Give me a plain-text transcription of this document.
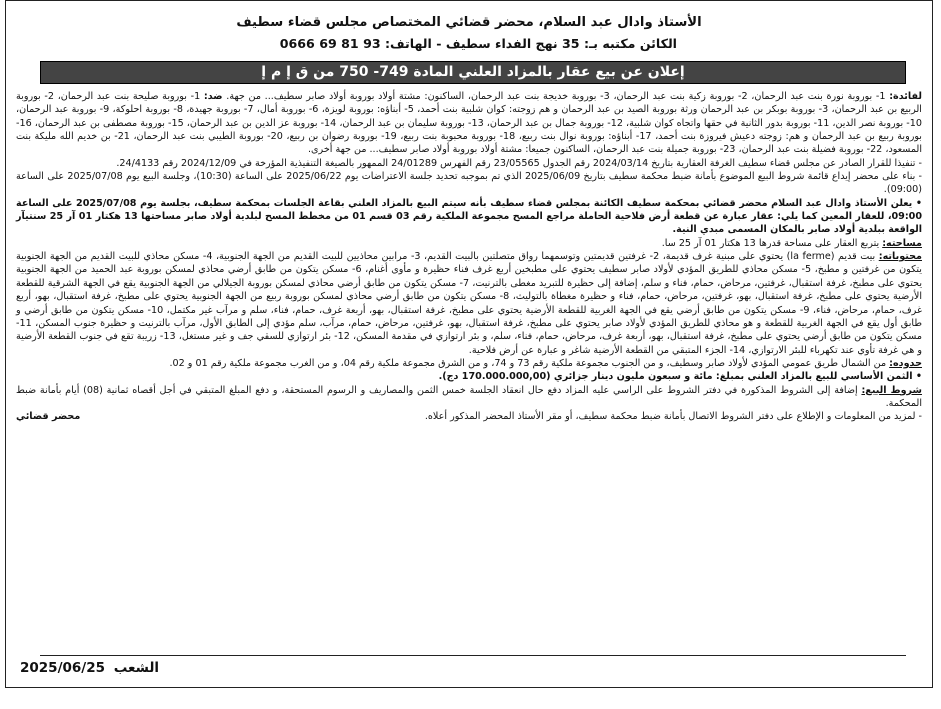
الأستاذ وادال عبد السلام، محضر قضائي المختصاص مجلس قضاء سطيف
الكائن مكتبه بـ: 35 نهج الفداء سطيف - الهاتف: 93 81 69 0666
إعلان عن بيع عقار بالمزاد العلني المادة 749- 750 من ق إ م إ

لفائدة: 1- بوروبة نورة بنت عبد الرحمان، 2- بوروبة زكية بنت عبد الرحمان، 3- بوروبة خديجة بنت عبد الرحمان، الساكنون: مشتة أولاد بوروبة أولاد صابر سطيف... من جهة. ضد: 1- بوروبة صليحة بنت عبد الرحمان، 2- بوروبة الربيع بن عبد الرحمان، 3- بوروبة بوبكر بن عبد الرحمان ورثة بوروبة الصيد بن عبد الرحمان و هم زوجته: كوان شلبية بنت أحمد، 5- أبناؤه: بوروبة لويزة، 6- بوروبة أمال، 7- بوروبة جهيدة، 8- بوروبة احلوكة، 9- بوروبة عبد الرحمان، 10- بوروبة نصر الدين، 11- بوروبة بدور الثانية في حقها واتجاه كوان شلبية، 12- بوروبة جمال بن عبد الرحمان، 13- بوروبة سليمان بن عبد الرحمان، 14- بوروبة عز الدين بن عبد الرحمان، 15- بوروبة مصطفى بن عبد الرحمان، 16- بوروبة ربيع بن عبد الرحمان و هم: زوجته دعيش فيروزة بنت أحمد، 17- أبناؤه: بوروبة نوال بنت ربيع، 18- بوروبة محبوبة بنت ربيع، 19- بوروبة رضوان بن ربيع، 20- بوروبة الطيبي بنت عبد الرحمان، 21- بن خديم الله مليكة بنت المسعود، 22- بوروبة فضيلة بنت عبد الرحمان، 23- بوروبة جميلة بنت عبد الرحمان، الساكنون جميعا: مشتة أولاد بوروبة أولاد صابر سطيف... من جهة أخرى.

- تنفيذا للقرار الصادر عن مجلس قضاء سطيف الغرفة العقارية بتاريخ 2024/03/14 رقم الجدول 23/05565 رقم الفهرس 24/01289 الممهور بالصيغة التنفيذية المؤرخة في 2024/12/09 رقم 24/4133.

- بناء على محضر إيداع قائمة شروط البيع الموضوع بأمانة ضبط محكمة سطيف بتاريخ 2025/06/09 الذي تم بموجبه تحديد جلسة الاعتراضات يوم 2025/06/22 على الساعة (10:30)، وجلسة البيع يوم 2025/07/08 على الساعة (09:00).

• يعلن الأستاذ وادال عبد السلام محضر قضائي بمحكمة سطيف الكائنة بمجلس قضاء سطيف بأنه سيتم البيع بالمزاد العلني بقاعة الجلسات بمحكمة سطيف، بجلسة يوم 2025/07/08 على الساعة 09:00، للعقار المعين كما يلي: عقار عبارة عن قطعة أرض فلاحية الحاملة مراجع المسح مجموعة الملكية رقم 03 قسم 01 من مخطط المسح لبلدية أولاد صابر مساحتها 13 هكتار 01 آر 25 سنتيآر الواقعة ببلدية أولاد صابر بالمكان المسمى مبدي النية.

مساحته: يتربع العقار على مساحة قدرها 13 هكتار 01 آر 25 سا.

محتوياته: بيت قديم (la ferme) يحتوي على مبنية غرف قديمة، 2- غرفتين قديمتين وتوسمهما رواق متصلتين بالبيت القديم، 3- مرابين محاذيين للبيت القديم من الجهة الجنوبية، 4- مسكن محاذي للبيت القديم من الجهة الجنوبية يتكون من غرفتين و مطبخ، 5- مسكن محاذي للطريق المؤدي لأولاد صابر سطيف يحتوي على مطبخين أربع غرف فناء حظيرة و مأوى أغنام، 6- مسكن يتكون من طابق أرضي محاذي لمسكن بوروبة عبد الحميد من الجهة الجنوبية يحتوي على مطبخ، غرفة استقبال، غرفتين، مرحاض، حمام، فناء و سلم، إضافة إلى حظيرة للتبريد مغطى بالترنيت، 7- مسكن يتكون من طابق أرضي محاذي لمسكن بوروبة الجيلالي من الجهة الجنوبية يقع في الجهة الشرقية للقطعة الأرضية يحتوي على مطبخ، غرفة استقبال، بهو، غرفتين، مرحاض، حمام، فناء و حظيرة مغطاة بالتوليث، 8- مسكن يتكون من طابق أرضي محاذي لمسكن بوروبة ربيع من الجهة الجنوبية يحتوي على مطبخ، غرفة استقبال، بهو، أربع غرف، حمام، مرحاض، فناء، 9- مسكن يتكون من طابق أرضي يقع في الجهة الغربية للقطعة الأرضية يحتوي على مطبخ، غرفة استقبال، بهو، أربعة غرف، حمام، فناء، سلم و مرآب غير مكتمل، 10- مسكن يتكون من طابق أرضي و طابق أول يقع في الجهة الغربية للقطعة و هو محاذي للطريق المؤدي لأولاد صابر يحتوي على مطبخ، غرفة استقبال، بهو، غرفتين، مرحاض، حمام، مرآب، سلم مؤدي إلى الطابق الأول، مرآب بالترنيت و حظيرة جنوب المسكن، 11- مسكن يتكون من طابق أرضي يحتوي على مطبخ، غرفة استقبال، بهو، أربعة غرف، مرحاض، حمام، فناء، سلم، و بئر ارتوازي في مقدمة المسكن، 12- بئر ارتوازي للسقي جف و غير مستغل، 13- زريبة تقع في جنوب القطعة الأرضية و هي غرفة تأوي عند تكهرباء للبئر الارتوازي، 14- الجزء المتبقي من القطعة الأرضية شاغر و عبارة عن أرض فلاحية.

حدوده: من الشمال طريق عمومي المؤدي لأولاد صابر وسطيف، و من الجنوب مجموعة ملكية رقم 73 و 74، و من الشرق مجموعة ملكية رقم 04، و من الغرب مجموعة ملكية رقم 01 و 02.

• الثمن الأساسي للبيع بالمزاد العلني بمبلغ: مائة و سبعون مليون دينار جزائري (170.000.000,00 دج).

شروط البيع: إضافة إلى الشروط المذكورة في دفتر الشروط على الراسي عليه المزاد دفع حال انعقاد الجلسة خمس الثمن والمصاريف و الرسوم المستحقة، و دفع المبلغ المتبقي في أجل أقصاه ثمانية (08) أيام بأمانة ضبط المحكمة.

- لمزيد من المعلومات و الإطلاع على دفتر الشروط الاتصال بأمانة ضبط محكمة سطيف، أو مقر الأستاذ المحضر المذكور أعلاه.
محضر قضائي

2025/06/25 الشعب
